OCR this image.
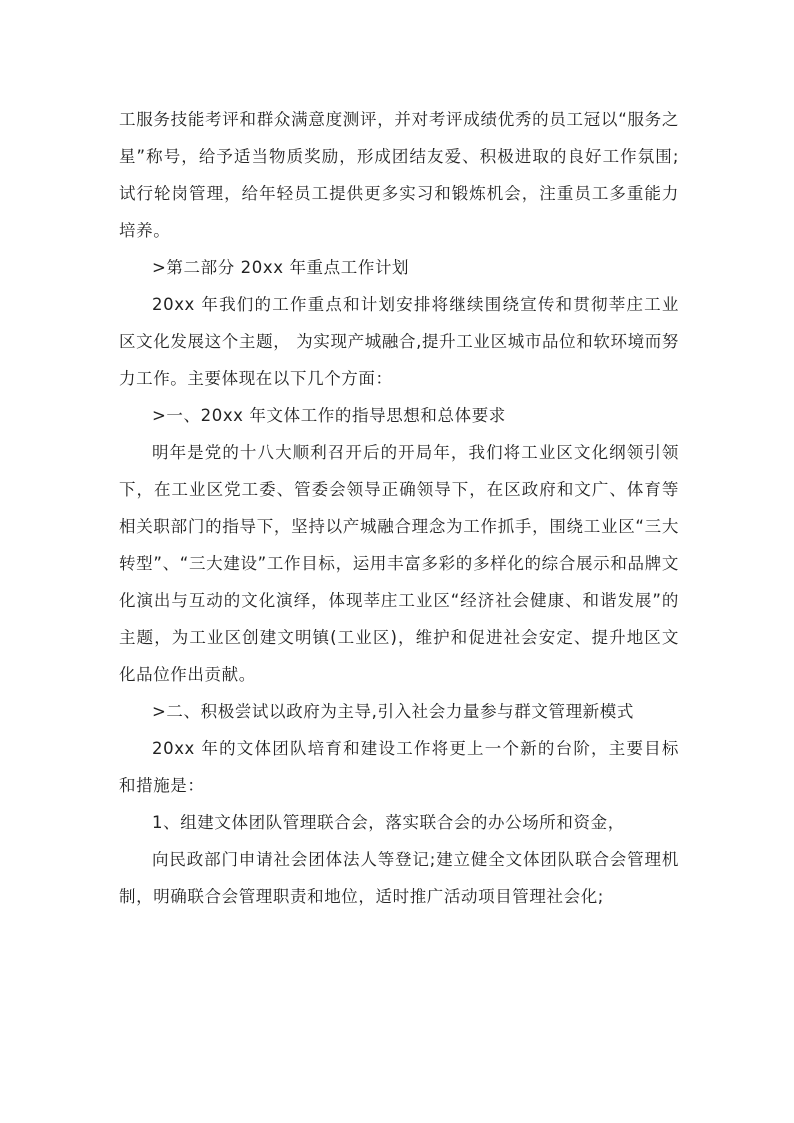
工服务技能考评和群众满意度测评，并对考评成绩优秀的员工冠以“服务之星”称号，给予适当物质奖励，形成团结友爱、积极进取的良好工作氛围;试行轮岗管理，给年轻员工提供更多实习和锻炼机会，注重员工多重能力培养。

>第二部分 20xx 年重点工作计划

20xx 年我们的工作重点和计划安排将继续围绕宣传和贯彻莘庄工业区文化发展这个主题， 为实现产城融合,提升工业区城市品位和软环境而努力工作。主要体现在以下几个方面：

>一、20xx 年文体工作的指导思想和总体要求

明年是党的十八大顺利召开后的开局年，我们将工业区文化纲领引领下，在工业区党工委、管委会领导正确领导下，在区政府和文广、体育等相关职部门的指导下，坚持以产城融合理念为工作抓手，围绕工业区“三大转型”、“三大建设”工作目标，运用丰富多彩的多样化的综合展示和品牌文化演出与互动的文化演绎，体现莘庄工业区“经济社会健康、和谐发展”的主题，为工业区创建文明镇(工业区)，维护和促进社会安定、提升地区文化品位作出贡献。

>二、积极尝试以政府为主导,引入社会力量参与群文管理新模式

20xx 年的文体团队培育和建设工作将更上一个新的台阶，主要目标和措施是：

1、组建文体团队管理联合会，落实联合会的办公场所和资金，

向民政部门申请社会团体法人等登记;建立健全文体团队联合会管理机制，明确联合会管理职责和地位，适时推广活动项目管理社会化;
